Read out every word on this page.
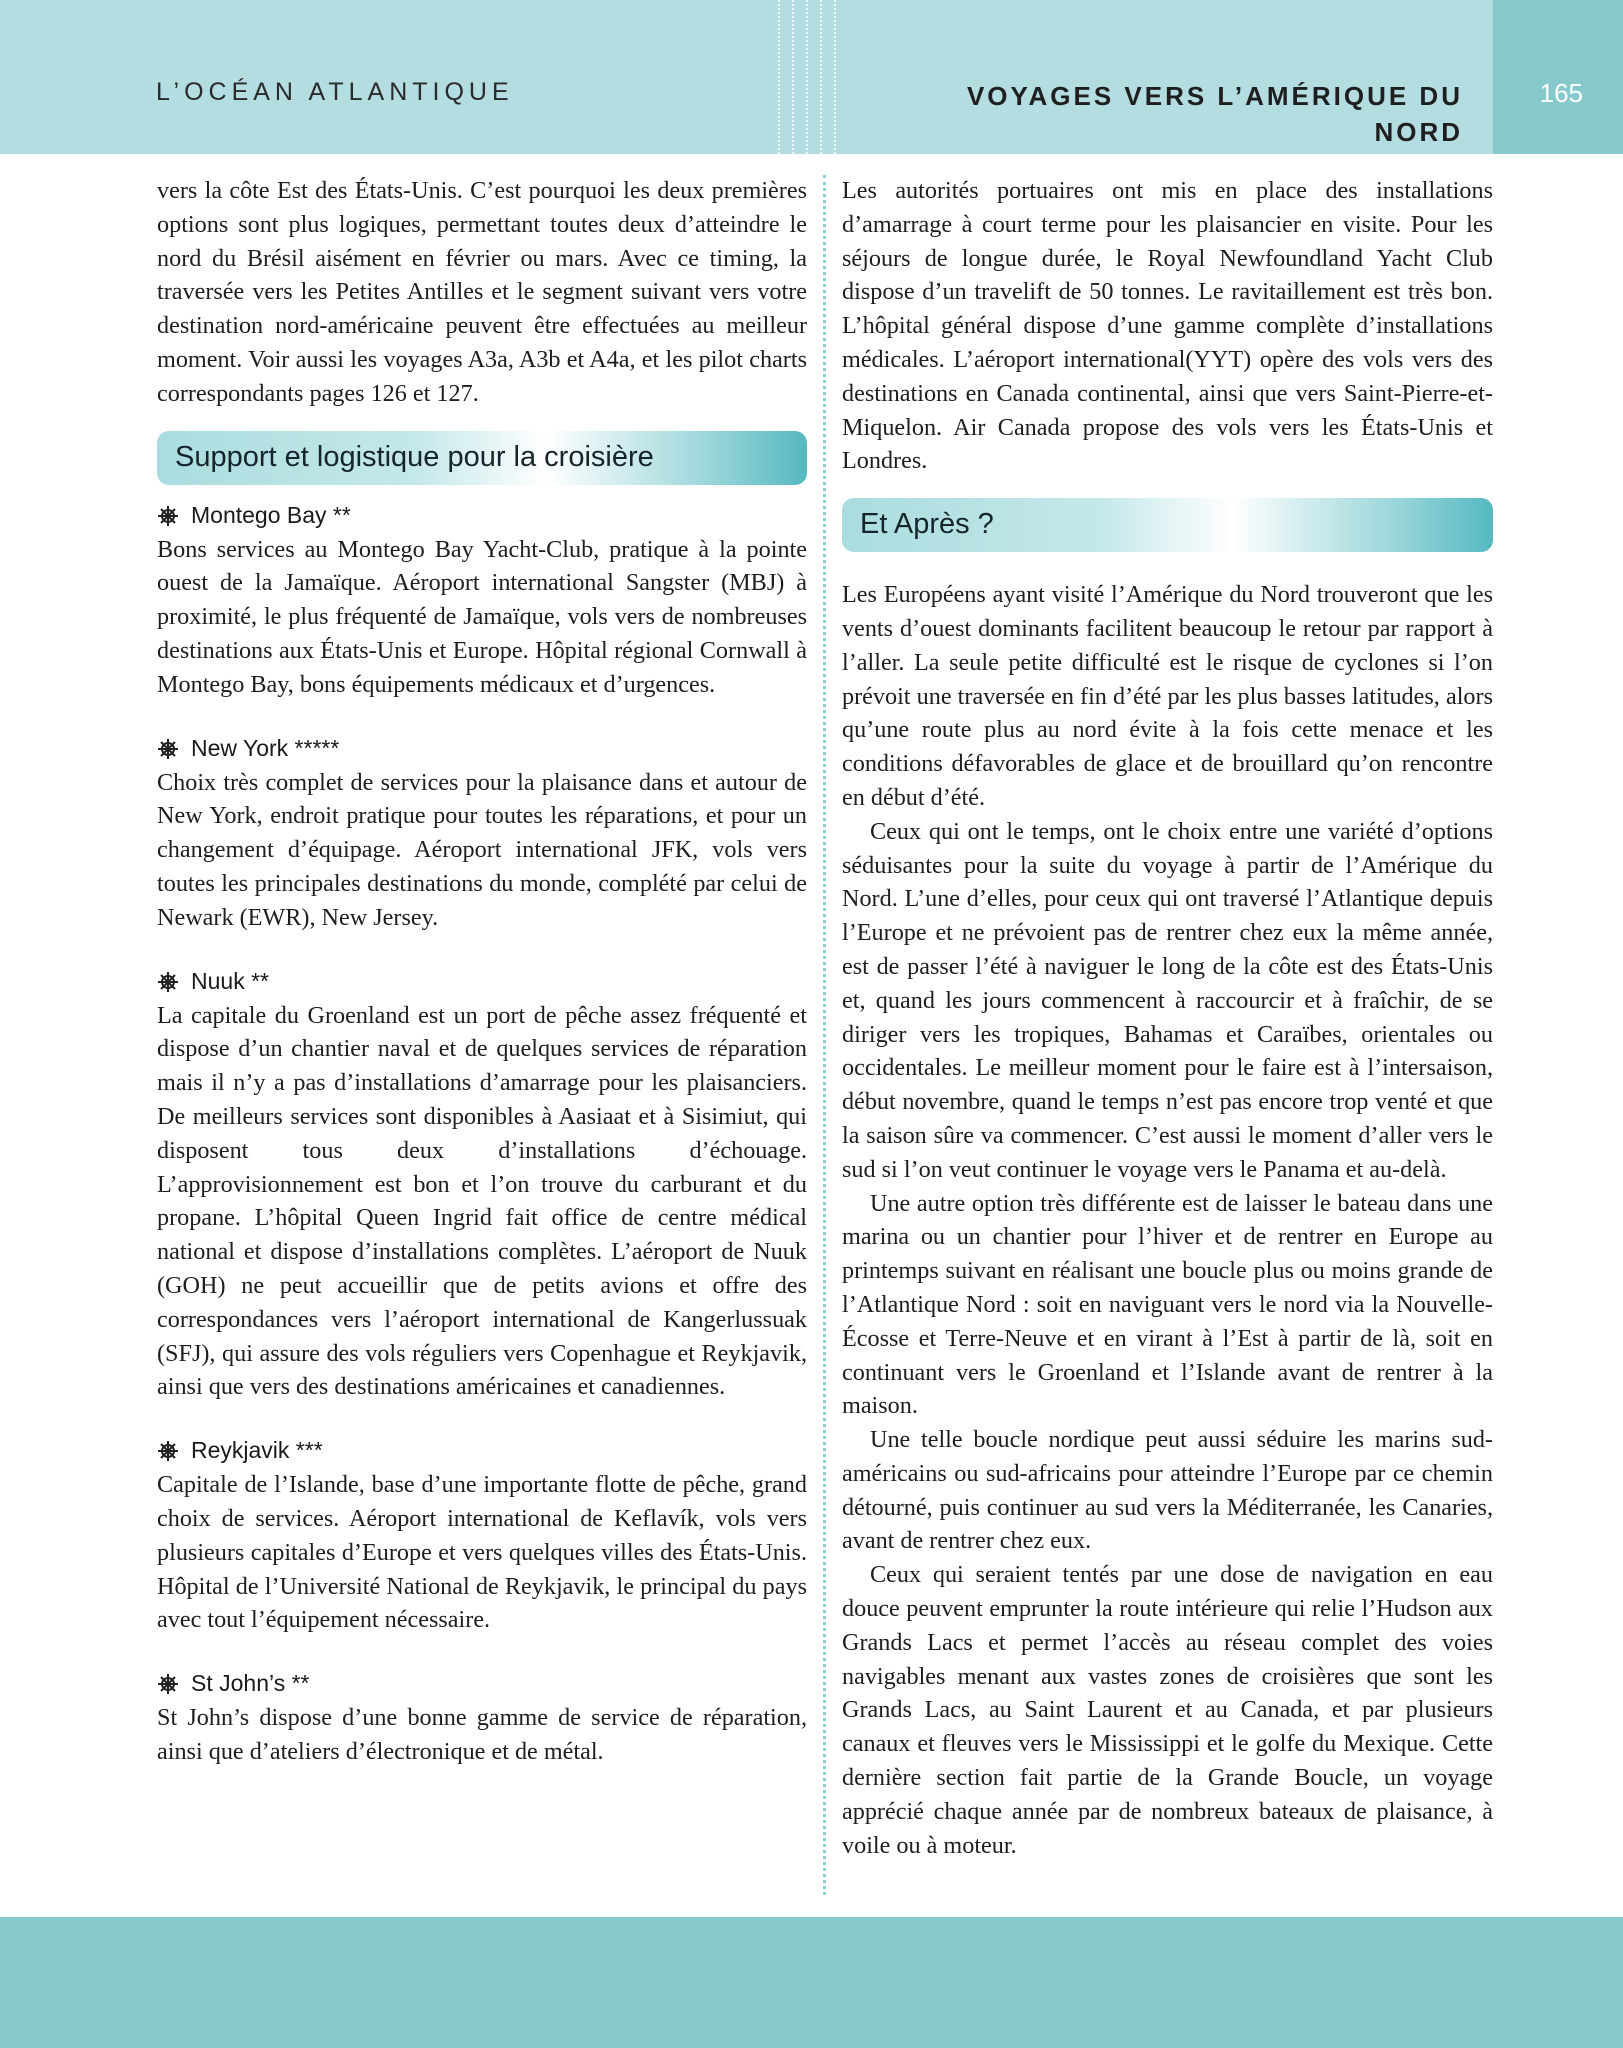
L’OCÉAN ATLANTIQUE	VOYAGES VERS L’AMÉRIQUE DU NORD
165

vers la côte Est des États-Unis. C’est pourquoi les deux premières options sont plus logiques, permettant toutes deux d’atteindre le nord du Brésil aisément en février ou mars. Avec ce timing, la traversée vers les Petites Antilles et le segment suivant vers votre destination nord-américaine peuvent être effectuées au meilleur moment. Voir aussi les voyages A3a, A3b et A4a, et les pilot charts correspondants pages 126 et 127.

Support et logistique pour la croisière
Montego Bay **

Bons services au Montego Bay Yacht-Club, pratique à la pointe ouest de la Jamaïque. Aéroport international Sangster (MBJ) à proximité, le plus fréquenté de Jamaïque, vols vers de nombreuses destinations aux États-Unis et Europe. Hôpital régional Cornwall à Montego Bay, bons équipements médicaux et d’urgences.

New York *****

Choix très complet de services pour la plaisance dans et autour de New York, endroit pratique pour toutes les réparations, et pour un changement d’équipage. Aéroport international JFK, vols vers toutes les principales destinations du monde, complété par celui de Newark (EWR), New Jersey.

Nuuk **

La capitale du Groenland est un port de pêche assez fréquenté et dispose d’un chantier naval et de quelques services de réparation mais il n’y a pas d’installations d’amarrage pour les plaisanciers. De meilleurs services sont disponibles à Aasiaat et à Sisimiut, qui disposent tous deux d’installations d’échouage. L’approvisionnement est bon et l’on trouve du carburant et du propane. L’hôpital Queen Ingrid fait office de centre médical national et dispose d’installations complètes. L’aéroport de Nuuk (GOH) ne peut accueillir que de petits avions et offre des correspondances vers l’aéroport international de Kangerlussuak (SFJ), qui assure des vols réguliers vers Copenhague et Reykjavik, ainsi que vers des destinations américaines et canadiennes.

Reykjavik ***

Capitale de l’Islande, base d’une importante flotte de pêche, grand choix de services. Aéroport international de Keflavík, vols vers plusieurs capitales d’Europe et vers quelques villes des États-Unis. Hôpital de l’Université National de Reykjavik, le principal du pays avec tout l’équipement nécessaire.

St John’s **

St John’s dispose d’une bonne gamme de service de réparation, ainsi que d’ateliers d’électronique et de métal.

Les autorités portuaires ont mis en place des installations d’amarrage à court terme pour les plaisancier en visite. Pour les séjours de longue durée, le Royal Newfoundland Yacht Club dispose d’un travelift de 50 tonnes. Le ravitaillement est très bon. L’hôpital général dispose d’une gamme complète d’installations médicales. L’aéroport international(YYT) opère des vols vers des destinations en Canada continental, ainsi que vers Saint-Pierre-et-Miquelon. Air Canada propose des vols vers les États-Unis et Londres.

Et Après ?

Les Européens ayant visité l’Amérique du Nord trouveront que les vents d’ouest dominants facilitent beaucoup le retour par rapport à l’aller. La seule petite difficulté est le risque de cyclones si l’on prévoit une traversée en fin d’été par les plus basses latitudes, alors qu’une route plus au nord évite à la fois cette menace et les conditions défavorables de glace et de brouillard qu’on rencontre en début d’été.

Ceux qui ont le temps, ont le choix entre une variété d’options séduisantes pour la suite du voyage à partir de l’Amérique du Nord. L’une d’elles, pour ceux qui ont traversé l’Atlantique depuis l’Europe et ne prévoient pas de rentrer chez eux la même année, est de passer l’été à naviguer le long de la côte est des États-Unis et, quand les jours commencent à raccourcir et à fraîchir, de se diriger vers les tropiques, Bahamas et Caraïbes, orientales ou occidentales. Le meilleur moment pour le faire est à l’intersaison, début novembre, quand le temps n’est pas encore trop venté et que la saison sûre va commencer. C’est aussi le moment d’aller vers le sud si l’on veut continuer le voyage vers le Panama et au-delà.

Une autre option très différente est de laisser le bateau dans une marina ou un chantier pour l’hiver et de rentrer en Europe au printemps suivant en réalisant une boucle plus ou moins grande de l’Atlantique Nord : soit en naviguant vers le nord via la Nouvelle-Écosse et Terre-Neuve et en virant à l’Est à partir de là, soit en continuant vers le Groenland et l’Islande avant de rentrer à la maison.

Une telle boucle nordique peut aussi séduire les marins sud-américains ou sud-africains pour atteindre l’Europe par ce chemin détourné, puis continuer au sud vers la Méditerranée, les Canaries, avant de rentrer chez eux.

Ceux qui seraient tentés par une dose de navigation en eau douce peuvent emprunter la route intérieure qui relie l’Hudson aux Grands Lacs et permet l’accès au réseau complet des voies navigables menant aux vastes zones de croisières que sont les Grands Lacs, au Saint Laurent et au Canada, et par plusieurs canaux et fleuves vers le Mississippi et le golfe du Mexique. Cette dernière section fait partie de la Grande Boucle, un voyage apprécié chaque année par de nombreux bateaux de plaisance, à voile ou à moteur.
